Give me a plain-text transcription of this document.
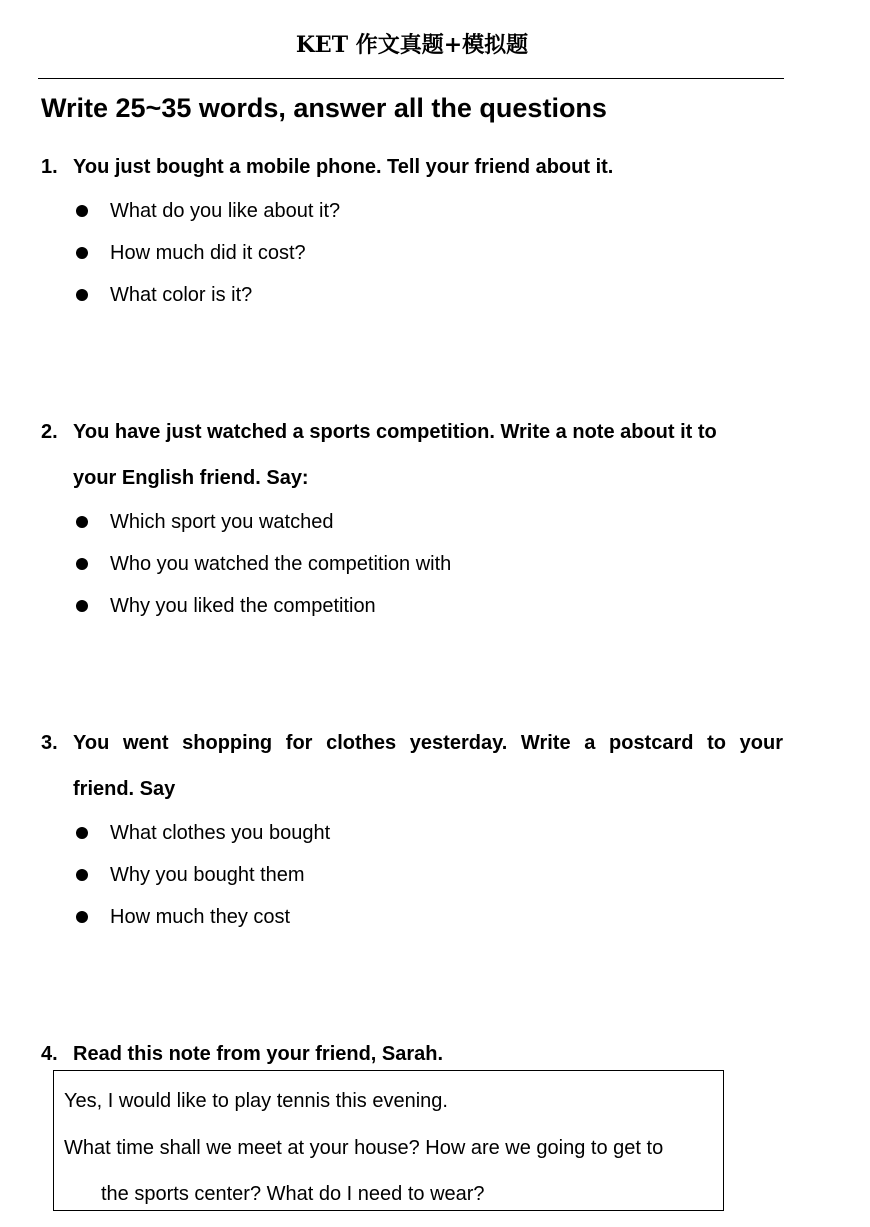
KET 作文真题+模拟题
Write 25~35 words, answer all the questions
1. You just bought a mobile phone. Tell your friend about it.
What do you like about it?
How much did it cost?
What color is it?
2. You have just watched a sports competition. Write a note about it to
your English friend. Say:
Which sport you watched
Who you watched the competition with
Why you liked the competition
3. You went shopping for clothes yesterday. Write a postcard to your
friend. Say
What clothes you bought
Why you bought them
How much they cost
4. Read this note from your friend, Sarah.
Yes, I would like to play tennis this evening.
What time shall we meet at your house? How are we going to get to
the sports center? What do I need to wear?
